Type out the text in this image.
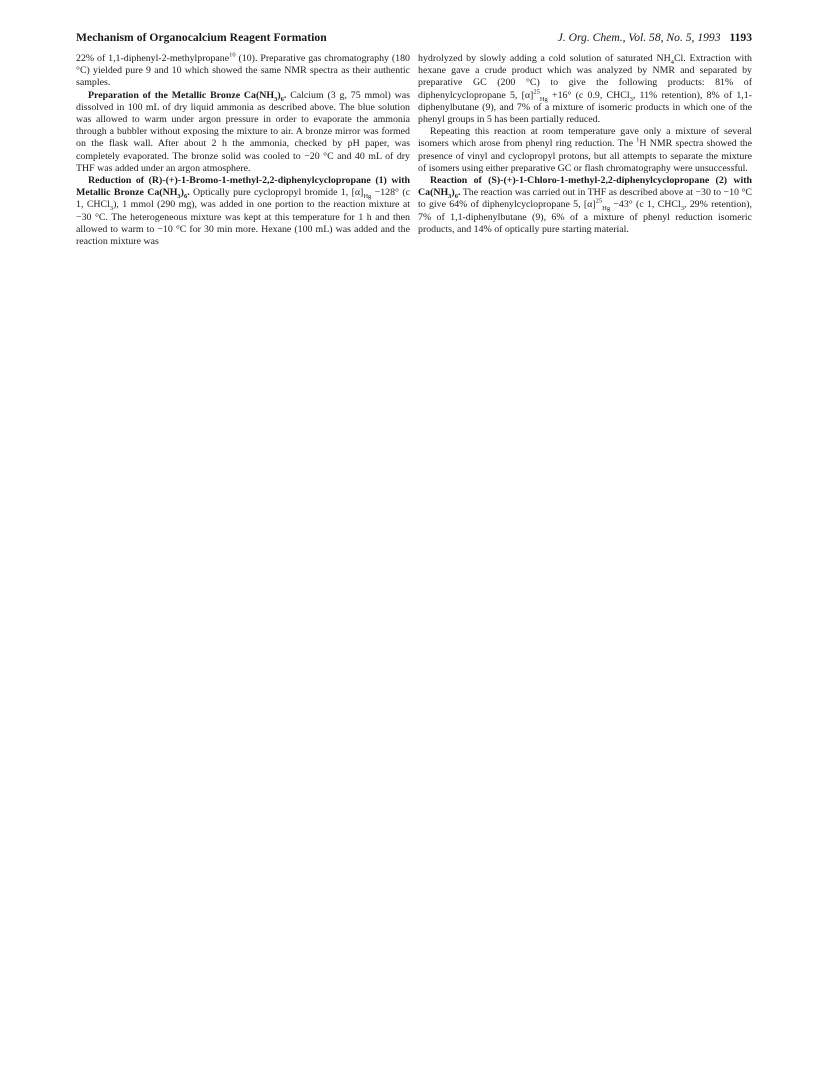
Mechanism of Organocalcium Reagent Formation	J. Org. Chem., Vol. 58, No. 5, 1993 1193

22% of 1,1-diphenyl-2-methylpropane$^{10}$ (10). Preparative gas chromatography (180 °C) yielded pure 9 and 10 which showed the same NMR spectra as their authentic samples.

Preparation of the Metallic Bronze $Ca(NH_3)_6$. Calcium (3 g, 75 mmol) was dissolved in 100 mL of dry liquid ammonia as described above. The blue solution was allowed to warm under argon pressure in order to evaporate the ammonia through a bubbler without exposing the mixture to air. A bronze mirror was formed on the flask wall. After about 2 h the ammonia, checked by pH paper, was completely evaporated. The bronze solid was cooled to −20 °C and 40 mL of dry THF was added under an argon atmosphere.

Reduction of (R)-(+)-1-Bromo-1-methyl-2,2-diphenylcyclopropane (1) with Metallic Bronze $Ca(NH_3)_6$. Optically pure cyclopropyl bromide 1, $[\alpha]_{Hg} -128^\circ$ (c 1, CHCl$_3$), 1 mmol (290 mg), was added in one portion to the reaction mixture at −30 °C. The heterogeneous mixture was kept at this temperature for 1 h and then allowed to warm to −10 °C for 30 min more. Hexane (100 mL) was added and the reaction mixture was

hydrolyzed by slowly adding a cold solution of saturated $NH_4Cl$. Extraction with hexane gave a crude product which was analyzed by NMR and separated by preparative GC (200 °C) to give the following products: 81% of diphenylcyclopropane 5, $[\alpha]^{25}_{Hg} +16^\circ$ (c 0.9, CHCl$_3$, 11% retention), 8% of 1,1-diphenylbutane (9), and 7% of a mixture of isomeric products in which one of the phenyl groups in 5 has been partially reduced.

Repeating this reaction at room temperature gave only a mixture of several isomers which arose from phenyl ring reduction. The $^1$H NMR spectra showed the presence of vinyl and cyclopropyl protons, but all attempts to separate the mixture of isomers using either preparative GC or flash chromatography were unsuccessful.

Reaction of (S)-(+)-1-Chloro-1-methyl-2,2-diphenylcyclopropane (2) with $Ca(NH_3)_6$. The reaction was carried out in THF as described above at −30 to −10 °C to give 64% of diphenylcyclopropane 5, $[\alpha]^{25}_{Hg} -43^\circ$ (c 1, CHCl$_3$, 29% retention), 7% of 1,1-diphenylbutane (9), 6% of a mixture of phenyl reduction isomeric products, and 14% of optically pure starting material.
